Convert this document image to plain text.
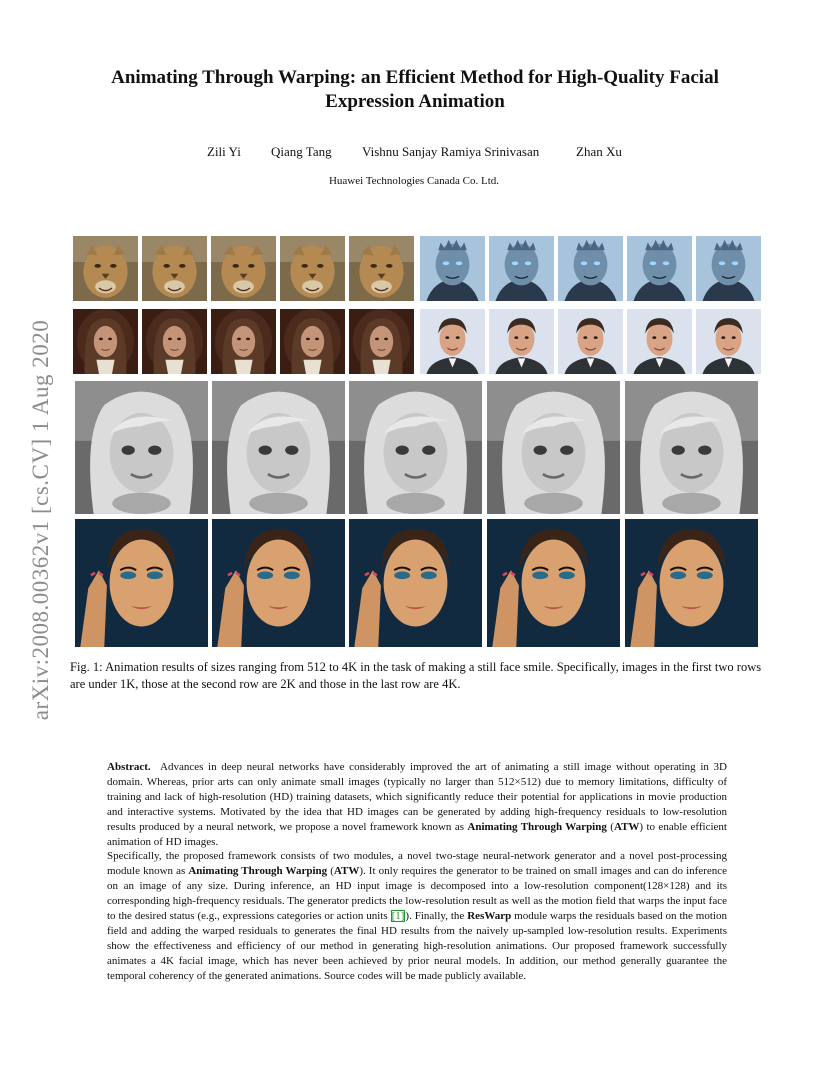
arXiv:2008.00362v1 [cs.CV] 1 Aug 2020
Animating Through Warping: an Efficient Method for High-Quality Facial Expression Animation
Zili Yi Qiang Tang Vishnu Sanjay Ramiya Srinivasan	Zhan Xu
Huawei Technologies Canada Co. Ltd.
Fig. 1: Animation results of sizes ranging from 512 to 4K in the task of making a still face smile. Specifically, images in the first two rows are under 1K, those at the second row are 2K and those in the last row are 4K.

Abstract. Advances in deep neural networks have considerably improved the art of animating a still image without operating in 3D domain. Whereas, prior arts can only animate small images (typically no larger than 512×512) due to memory limitations, difficulty of training and lack of high-resolution (HD) training datasets, which significantly reduce their potential for applications in movie production and interactive systems. Motivated by the idea that HD images can be generated by adding high-frequency residuals to low-resolution results produced by a neural network, we propose a novel framework known as Animating Through Warping (ATW) to enable efficient animation of HD images.

Specifically, the proposed framework consists of two modules, a novel two-stage neural-network generator and a novel post-processing module known as Animating Through Warping (ATW). It only requires the generator to be trained on small images and can do inference on an image of any size. During inference, an HD input image is decomposed into a low-resolution component(128×128) and its corresponding high-frequency residuals. The generator predicts the low-resolution result as well as the motion field that warps the input face to the desired status (e.g., expressions categories or action units [1]). Finally, the ResWarp module warps the residuals based on the motion field and adding the warped residuals to generates the final HD results from the naively up-sampled low-resolution results. Experiments show the effectiveness and efficiency of our method in generating high-resolution animations. Our proposed framework successfully animates a 4K facial image, which has never been achieved by prior neural models. In addition, our method generally guarantee the temporal coherency of the generated animations. Source codes will be made publicly available.
